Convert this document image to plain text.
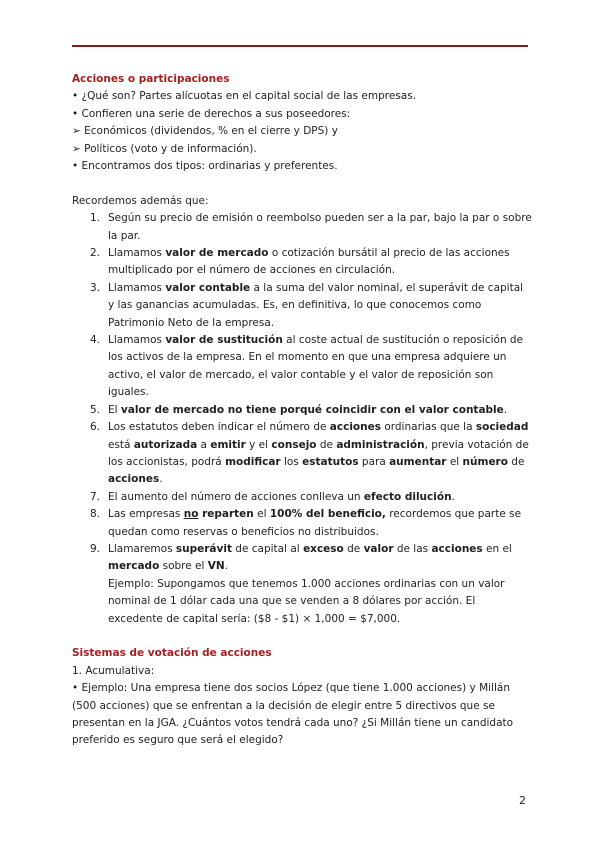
Acciones o participaciones

• ¿Qué son? Partes alícuotas en el capital social de las empresas.
• Confieren una serie de derechos a sus poseedores:
➢ Económicos (dividendos, % en el cierre y DPS) y
➢ Políticos (voto y de información).
• Encontramos dos tipos: ordinarias y preferentes.

Recordemos además que:

1. Según su precio de emisión o reembolso pueden ser a la par, bajo la par o sobre la par.
2. Llamamos valor de mercado o cotización bursátil al precio de las acciones multiplicado por el número de acciones en circulación.
3. Llamamos valor contable a la suma del valor nominal, el superávit de capital y las ganancias acumuladas. Es, en definitiva, lo que conocemos como Patrimonio Neto de la empresa.
4. Llamamos valor de sustitución al coste actual de sustitución o reposición de los activos de la empresa. En el momento en que una empresa adquiere un activo, el valor de mercado, el valor contable y el valor de reposición son iguales.
5. El valor de mercado no tiene porqué coincidir con el valor contable.
6. Los estatutos deben indicar el número de acciones ordinarias que la sociedad está autorizada a emitir y el consejo de administración, previa votación de los accionistas, podrá modificar los estatutos para aumentar el número de acciones.
7. El aumento del número de acciones conlleva un efecto dilución.
8. Las empresas no reparten el 100% del beneficio, recordemos que parte se quedan como reservas o beneficios no distribuidos.
9. Llamaremos superávit de capital al exceso de valor de las acciones en el mercado sobre el VN.
Ejemplo: Supongamos que tenemos 1.000 acciones ordinarias con un valor nominal de 1 dólar cada una que se venden a 8 dólares por acción. El excedente de capital sería: ($8 - $1) × 1,000 = $7,000.

Sistemas de votación de acciones

1. Acumulativa:

• Ejemplo: Una empresa tiene dos socios López (que tiene 1.000 acciones) y Millán (500 acciones) que se enfrentan a la decisión de elegir entre 5 directivos que se presentan en la JGA. ¿Cuántos votos tendrá cada uno? ¿Si Millán tiene un candidato preferido es seguro que será el elegido?

2
